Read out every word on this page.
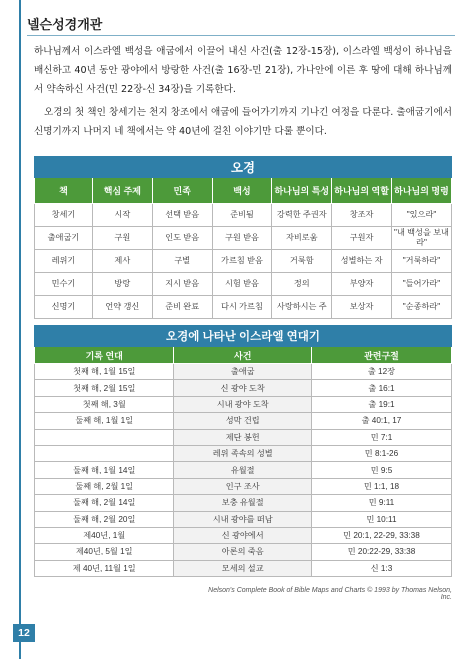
넬슨성경개관

하나님께서 이스라엘 백성을 애굽에서 이끌어 내신 사건(출 12장-15장), 이스라엘 백성이 하나님을 배신하고 40년 동안 광야에서 방랑한 사건(출 16장-민 21장), 가나안에 이른 후 땅에 대해 하나님께서 약속하신 사건(민 22장-신 34장)을 기록한다.

오경의 첫 책인 창세기는 천지 창조에서 애굽에 들어가기까지 기나긴 여정을 다룬다. 출애굽기에서 신명기까지 나머지 네 책에서는 약 40년에 걸친 이야기만 다룰 뿐이다.

오경						
책	핵심 주제	민족	백성	하나님의 특성	하나님의 역할	하나님의 명령
창세기	시작	선택 받음	준비됨	강력한 주권자	창조자	"있으라"
출애굽기	구원	인도 받음	구원 받음	자비로움	구원자	"내 백성을 보내라"
레위기	제사	구별	가르침 받음	거룩함	성별하는 자	"거룩하라"
민수기	방랑	지시 받음	시험 받음	정의	부양자	"들어가라"
신명기	언약 갱신	준비 완료	다시 가르침	사랑하시는 주	보상자	"순종하라"
오경에 나타난 이스라엘 연대기		
기록 연대	사건	관련구절
첫째 해, 1월 15일	출애굽	출 12장
첫째 해, 2월 15일	신 광야 도착	출 16:1
첫째 해, 3월	시내 광야 도착	출 19:1
둘째 해, 1월 1일	성막 건립	출 40:1, 17
	제단 봉헌	민 7:1
	레위 족속의 성별	민 8:1-26
둘째 해, 1월 14일	유월절	민 9:5
둘째 해, 2월 1일	인구 조사	민 1:1, 18
둘째 해, 2월 14일	보충 유월절	민 9:11
둘째 해, 2월 20일	시내 광야를 떠남	민 10:11
제40년, 1월	신 광야에서	민 20:1, 22-29, 33:38
제40년, 5월 1일	아론의 죽음	민 20:22-29, 33:38
제 40년, 11월 1일	모세의 설교	신 1:3
Nelson's Complete Book of Bible Maps and Charts © 1993 by Thomas Nelson, Inc.
12
